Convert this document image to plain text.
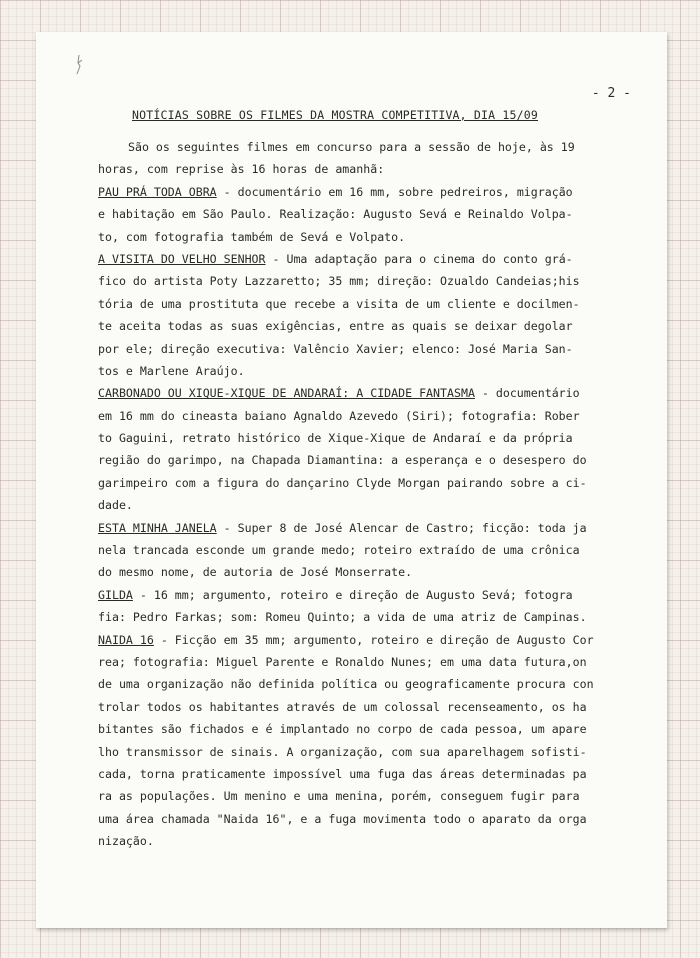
- 2 -
NOTÍCIAS SOBRE OS FILMES DA MOSTRA COMPETITIVA, DIA 15/09
São os seguintes filmes em concurso para a sessão de hoje, às 19
horas, com reprise às 16 horas de amanhã:
PAU PRÁ TODA OBRA - documentário em 16 mm, sobre pedreiros, migração
e habitação em São Paulo. Realização: Augusto Sevá e Reinaldo Volpa-
to, com fotografia também de Sevá e Volpato.
A VISITA DO VELHO SENHOR - Uma adaptação para o cinema do conto grá-
fico do artista Poty Lazzaretto; 35 mm; direção: Ozualdo Candeias;his
tória de uma prostituta que recebe a visita de um cliente e docilmen-
te aceita todas as suas exigências, entre as quais se deixar degolar
por ele; direção executiva: Valêncio Xavier; elenco: José Maria San-
tos e Marlene Araújo.
CARBONADO OU XIQUE-XIQUE DE ANDARAÍ: A CIDADE FANTASMA - documentário
em 16 mm do cineasta baiano Agnaldo Azevedo (Siri); fotografia: Rober
to Gaguini, retrato histórico de Xique-Xique de Andaraí e da própria
região do garimpo, na Chapada Diamantina: a esperança e o desespero do
garimpeiro com a figura do dançarino Clyde Morgan pairando sobre a ci-
dade.
ESTA MINHA JANELA - Super 8 de José Alencar de Castro; ficção: toda ja
nela trancada esconde um grande medo; roteiro extraído de uma crônica
do mesmo nome, de autoria de José Monserrate.
GILDA - 16 mm; argumento, roteiro e direção de Augusto Sevá; fotogra
fia: Pedro Farkas; som: Romeu Quinto; a vida de uma atriz de Campinas.
NAIDA 16 - Ficção em 35 mm; argumento, roteiro e direção de Augusto Cor
rea; fotografia: Miguel Parente e Ronaldo Nunes; em uma data futura,on
de uma organização não definida política ou geograficamente procura con
trolar todos os habitantes através de um colossal recenseamento, os ha
bitantes são fichados e é implantado no corpo de cada pessoa, um apare
lho transmissor de sinais. A organização, com sua aparelhagem sofisti-
cada, torna praticamente impossível uma fuga das áreas determinadas pa
ra as populações. Um menino e uma menina, porém, conseguem fugir para
uma área chamada "Naida 16", e a fuga movimenta todo o aparato da orga
nização.
